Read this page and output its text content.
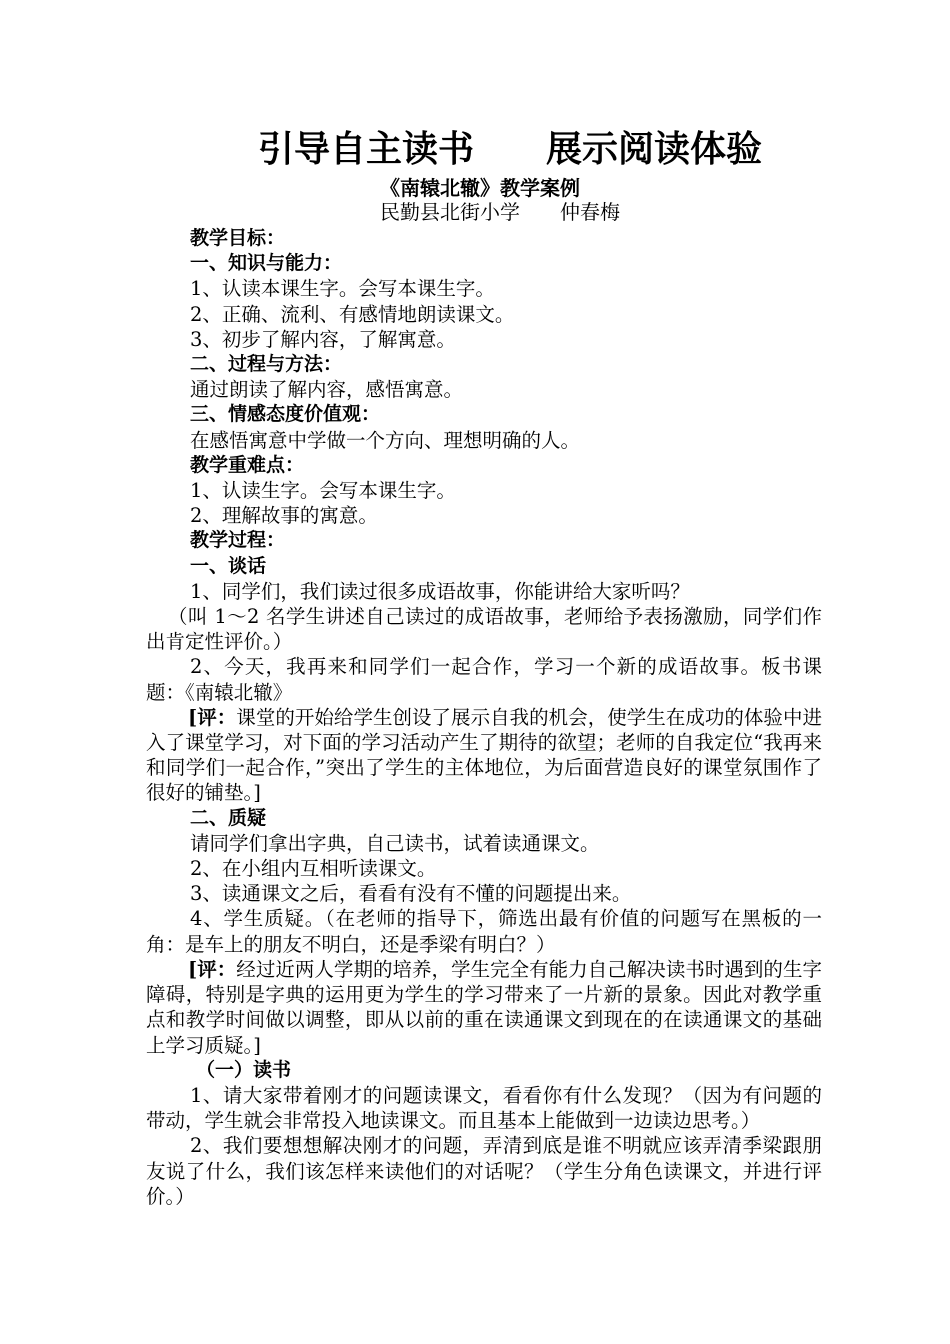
引导自主读书 展示阅读体验
《南辕北辙》教学案例
民勤县北街小学 仲春梅

教学目标：

一、知识与能力：

1、认读本课生字。会写本课生字。

2、正确、流利、有感情地朗读课文。

3、初步了解内容，了解寓意。

二、过程与方法：

通过朗读了解内容，感悟寓意。

三、情感态度价值观：

在感悟寓意中学做一个方向、理想明确的人。

教学重难点：

1、认读生字。会写本课生字。

2、理解故事的寓意。

教学过程：

一、谈话

1、同学们，我们读过很多成语故事，你能讲给大家听吗？

（叫 1～2 名学生讲述自己读过的成语故事，老师给予表扬激励，同学们作出肯定性评价。）

2、今天，我再来和同学们一起合作，学习一个新的成语故事。板书课题：《南辕北辙》

[评：课堂的开始给学生创设了展示自我的机会，使学生在成功的体验中进入了课堂学习，对下面的学习活动产生了期待的欲望；老师的自我定位“我再来和同学们一起合作，”突出了学生的主体地位，为后面营造良好的课堂氛围作了很好的铺垫。]

二、质疑

请同学们拿出字典，自己读书，试着读通课文。

2、在小组内互相听读课文。

3、读通课文之后，看看有没有不懂的问题提出来。

4、学生质疑。（在老师的指导下，筛选出最有价值的问题写在黑板的一角：是车上的朋友不明白，还是季梁有明白？）

[评：经过近两人学期的培养，学生完全有能力自己解决读书时遇到的生字障碍，特别是字典的运用更为学生的学习带来了一片新的景象。因此对教学重点和教学时间做以调整，即从以前的重在读通课文到现在的在读通课文的基础上学习质疑。]

（一）读书

1、请大家带着刚才的问题读课文，看看你有什么发现？（因为有问题的带动，学生就会非常投入地读课文。而且基本上能做到一边读边思考。）

2、我们要想想解决刚才的问题，弄清到底是谁不明就应该弄清季梁跟朋友说了什么，我们该怎样来读他们的对话呢？（学生分角色读课文，并进行评价。）
